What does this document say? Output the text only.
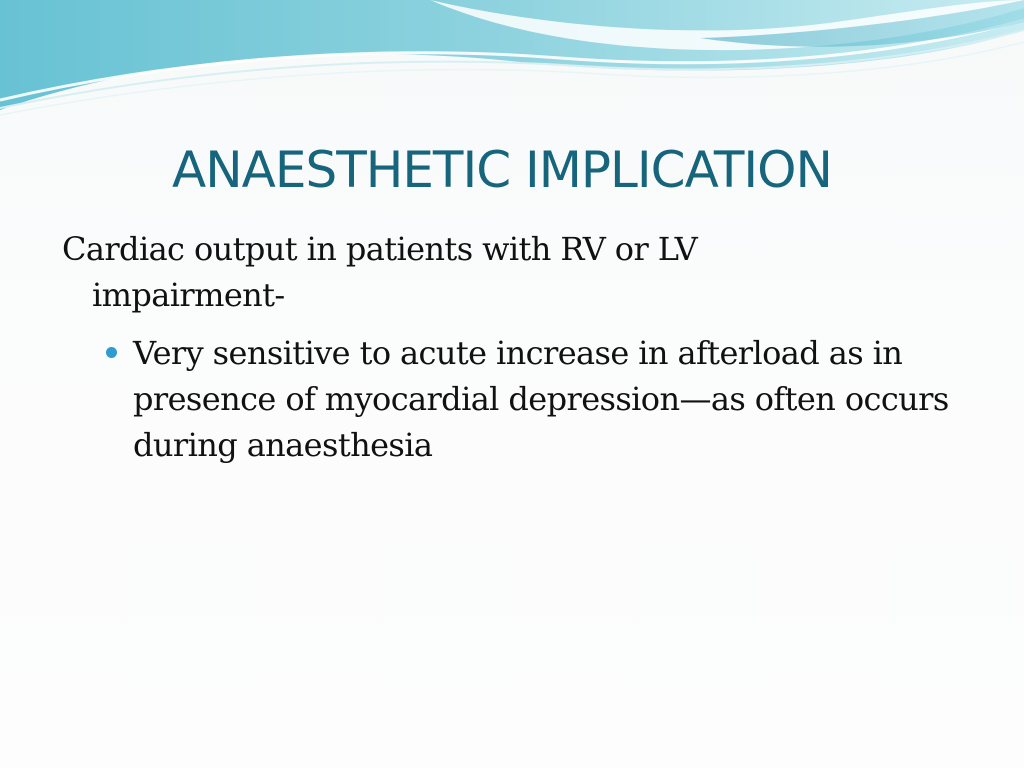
ANAESTHETIC IMPLICATION

Cardiac output in patients with RV or LV impairment-

Very sensitive to acute increase in afterload as in presence of myocardial depression—as often occurs during anaesthesia
